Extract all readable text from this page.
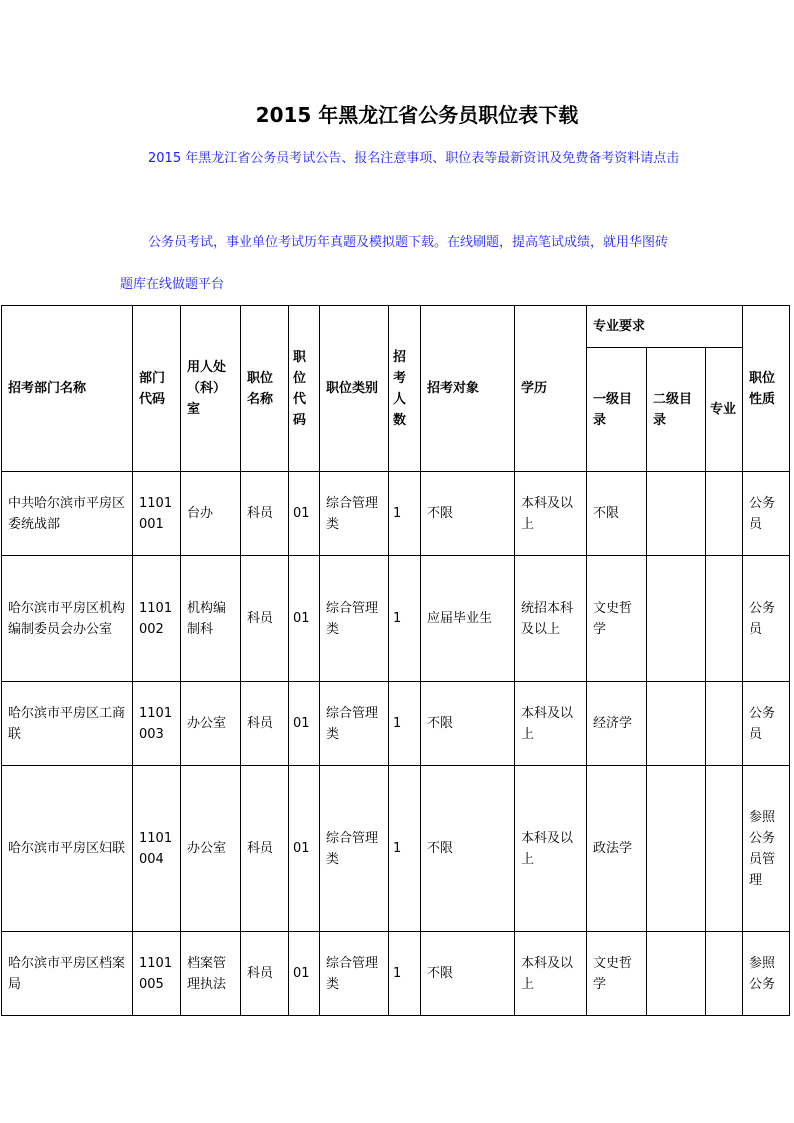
2015 年黑龙江省公务员职位表下载
2015 年黑龙江省公务员考试公告、报名注意事项、职位表等最新资讯及免费备考资料请点击
公务员考试，事业单位考试历年真题及模拟题下载。在线刷题，提高笔试成绩，就用华图砖题库在线做题平台
招考部门名称	部门代码	用人处（科）室	职位名称	职位代码	职位类别	招考人数	招考对象	学历	专业要求			职位性质
									一级目录	二级目录	专业	
中共哈尔滨市平房区委统战部	1101001	台办	科员	01	综合管理类	1	不限	本科及以上	不限			公务员
哈尔滨市平房区机构编制委员会办公室	1101002	机构编制科	科员	01	综合管理类	1	应届毕业生	统招本科及以上	文史哲学			公务员
哈尔滨市平房区工商联	1101003	办公室	科员	01	综合管理类	1	不限	本科及以上	经济学			公务员
哈尔滨市平房区妇联	1101004	办公室	科员	01	综合管理类	1	不限	本科及以上	政法学			参照公务员管理
哈尔滨市平房区档案局	1101005	档案管理执法	科员	01	综合管理类	1	不限	本科及以上	文史哲学			参照公务
